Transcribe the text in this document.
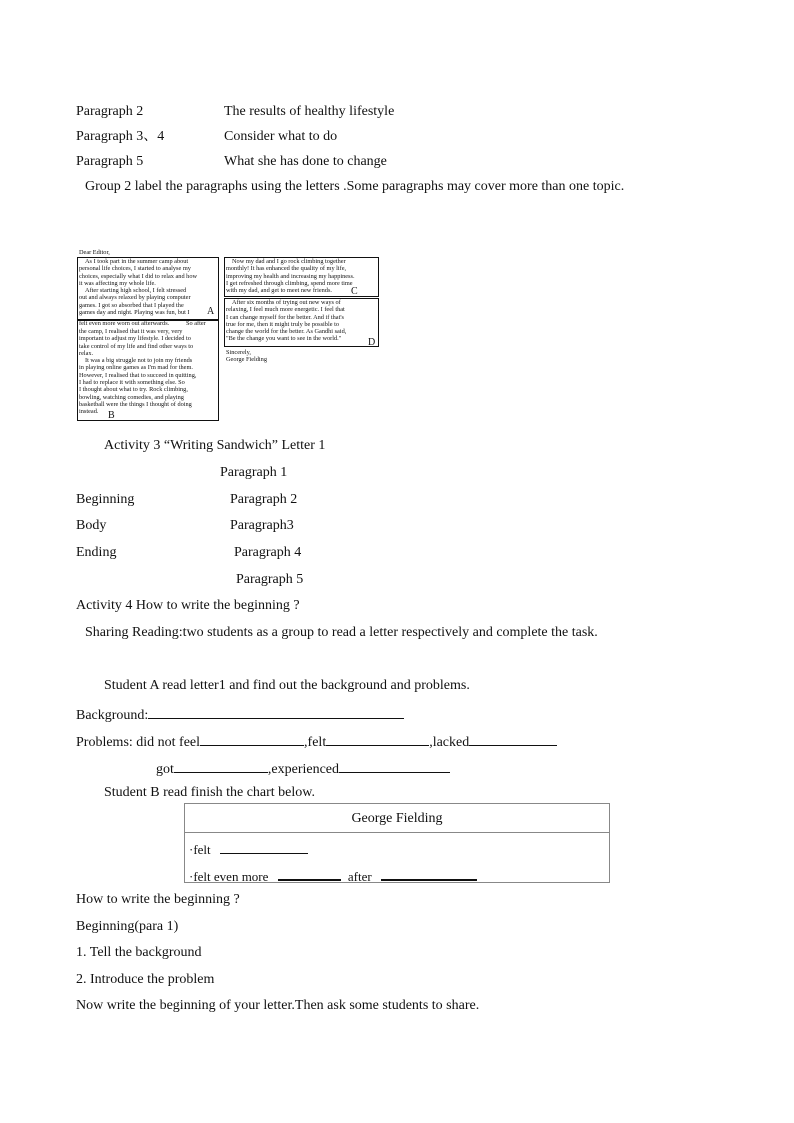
Paragraph 2	The results of healthy lifestyle
Paragraph 3、4	Consider what to do
Paragraph 5	What she has done to change
Group 2 label the paragraphs using the letters .Some paragraphs may cover more than one topic.
Dear Editor,

As I took part in the summer camp about

personal life choices, I started to analyse my

choices, especially what I did to relax and how

it was affecting my whole life.

After starting high school, I felt stressed

out and always relaxed by playing computer

games. I got so absorbed that I played the

games day and night. Playing was fun, but I	A
felt even more worn out afterwards.	So after

the camp, I realised that it was very, very

important to adjust my lifestyle. I decided to

take control of my life and find other ways to

relax.

It was a big struggle not to join my friends

in playing online games as I'm mad for them.

However, I realised that to succeed in quitting,

I had to replace it with something else. So

I thought about what to try. Rock climbing,

bowling, watching comedies, and playing

basketball were the things I thought of doing

instead. B

Now my dad and I go rock climbing together

monthly! It has enhanced the quality of my life,

improving my health and increasing my happiness.

I get refreshed through climbing, spend more time

with my dad, and get to meet new friends.	C

After six months of trying out new ways of

relaxing, I feel much more energetic. I feel that

I can change myself for the better. And if that's

true for me, then it might truly be possible to

change the world for the better. As Gandhi said,

"Be the change you want to see in the world."	D
Sincerely,
George Fielding
Activity 3 “Writing Sandwich” Letter 1
Paragraph 1
Beginning	Paragraph 2
Body	Paragraph3
Ending	Paragraph 4
Paragraph 5
Activity 4 How to write the beginning ?
Sharing Reading:two students as a group to read a letter respectively and complete the task.
Student A read letter1 and find out the background and problems.
Background:
Problems: did not feel	,felt	,lacked
got	,experienced
Student B read finish the chart below.
George Fielding
·felt
·felt even more	after
How to write the beginning ?
Beginning(para 1)
1. Tell the background
2. Introduce the problem
Now write the beginning of your letter.Then ask some students to share.
